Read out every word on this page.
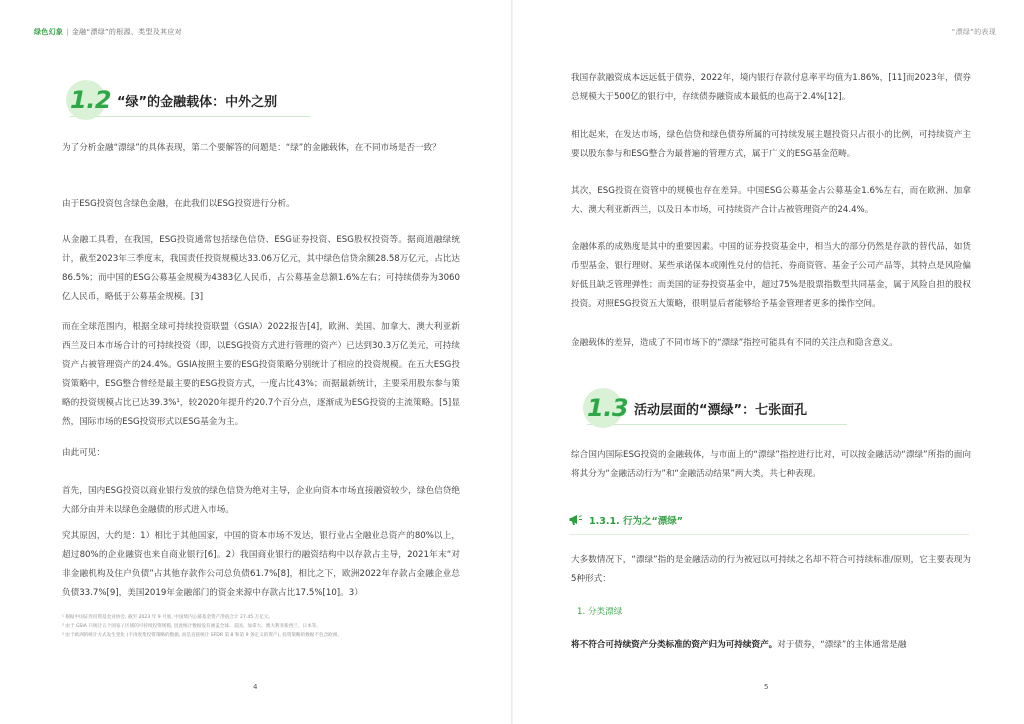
绿色幻象 | 金融“漂绿”的根源、类型及其应对
1.2 “绿”的金融载体：中外之别
为了分析金融“漂绿”的具体表现，第二个要解答的问题是：“绿”的金融载体，在不同市场是否一致？
由于ESG投资包含绿色金融，在此我们以ESG投资进行分析。
从金融工具看，在我国，ESG投资通常包括绿色信贷、ESG证券投资、ESG股权投资等。据商道融绿统计，截至2023年三季度末，我国责任投资规模达33.06万亿元，其中绿色信贷余额28.58万亿元，占比达86.5%；而中国的ESG公募基金规模为4383亿人民币，占公募基金总额1.6%左右；可持续债券为3060亿人民币，略低于公募基金规模。[3]
而在全球范围内，根据全球可持续投资联盟（GSIA）2022报告[4]，欧洲、美国、加拿大、澳大利亚新西兰及日本市场合计的可持续投资（即，以ESG投资方式进行管理的资产）已达到30.3万亿美元，可持续资产占被管理资产的24.4%。GSIA按照主要的ESG投资策略分别统计了相应的投资规模。在五大ESG投资策略中，ESG整合曾经是最主要的ESG投资方式，一度占比43%；而据最新统计，主要采用股东参与策略的投资规模占比已达39.3%¹，较2020年提升约20.7个百分点，逐渐成为ESG投资的主流策略。[5]显然，国际市场的ESG投资形式以ESG基金为主。
由此可见：
首先，国内ESG投资以商业银行发放的绿色信贷为绝对主导，企业向资本市场直接融资较少，绿色信贷绝大部分由并未以绿色金融债的形式进入市场。
究其原因，大约是：1）相比于其他国家，中国的资本市场不发达，银行业占全融业总资产的80%以上，超过80%的企业融资也来自商业银行[6]。2）我国商业银行的融资结构中以存款占主导，2021年末“对非金融机构及住户负债”占其他存款作公司总负债61.7%[8]，相比之下，欧洲2022年存款占金融企业总负债33.7%[9]，美国2019年金融部门的资金来源中存款占比17.5%[10]。3）
¹ 根据中国证券投资基金业协会, 截至 2023 年 9 月底, 中国境内公募基金资产净值合计 27.45 万亿元。
² 由于 GSIA 只统计五个国家 / 区域的可持续投资规模, 因此统计数据没有涵盖全球、美国、加拿大、澳大利亚新西兰、日本等。
³ 由于欧洲的统计方式发生变化 (不再收集投资策略的数据, 而是直接统计 SFDR 第 8 和第 9 条定义的资产), 投资策略的数据不包含欧洲。
4
“漂绿”的表现
我国存款融资成本远远低于债券，2022年，境内银行存款付息率平均值为1.86%，[11]而2023年，债券总规模大于500亿的银行中，存续债券融资成本最低的也高于2.4%[12]。
相比起来，在发达市场，绿色信贷和绿色债券所属的可持续发展主题投资只占很小的比例，可持续资产主要以股东参与和ESG整合为最普遍的管理方式，属于广义的ESG基金范畴。
其次，ESG投资在资管中的规模也存在差异。中国ESG公募基金占公募基金1.6%左右，而在欧洲、加拿大、澳大利亚新西兰，以及日本市场，可持续资产合计占被管理资产的24.4%。
金融体系的成熟度是其中的重要因素。中国的证券投资基金中，相当大的部分仍然是存款的替代品，如货币型基金、银行理财、某些承诺保本或刚性兑付的信托、券商资管、基金子公司产品等，其特点是风险偏好低且缺乏管理弹性；而美国的证券投资基金中，超过75%是股票指数型共同基金，属于风险自担的股权投资。对照ESG投资五大策略，很明显后者能够给予基金管理者更多的操作空间。
金融载体的差异，造成了不同市场下的“漂绿”指控可能具有不同的关注点和隐含意义。
1.3 活动层面的“漂绿”：七张面孔
综合国内国际ESG投资的金融载体，与市面上的“漂绿”指控进行比对，可以按金融活动“漂绿”所指的面向将其分为“金融活动行为”和“金融活动结果”两大类，共七种表现。
1.3.1. 行为之“漂绿”
大多数情况下，“漂绿”指的是金融活动的行为被冠以可持续之名却不符合可持续标准/原则，它主要表现为5种形式：
1. 分类漂绿
将不符合可持续资产分类标准的资产归为可持续资产。对于债券，“漂绿”的主体通常是融
5
